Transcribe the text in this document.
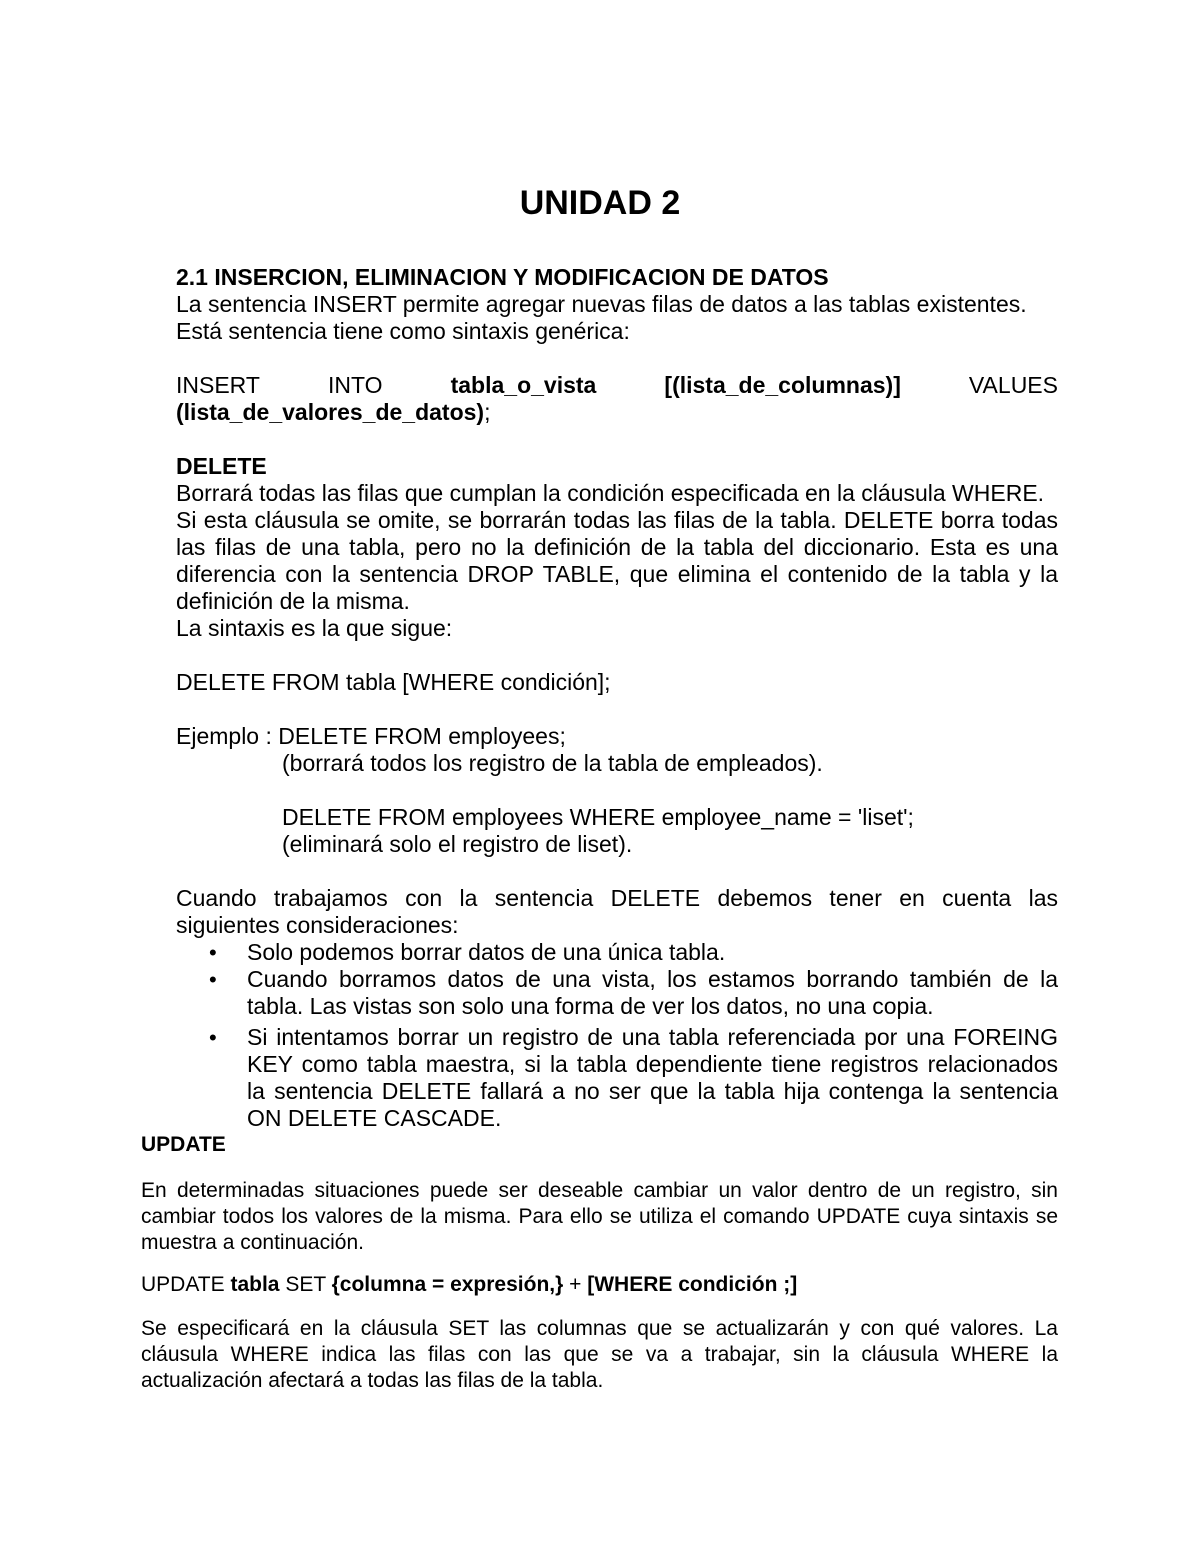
UNIDAD 2
2.1 INSERCION, ELIMINACION Y MODIFICACION DE DATOS
La sentencia INSERT permite agregar nuevas filas de datos a las tablas existentes.
Está sentencia tiene como sintaxis genérica:
INSERT	INTO	tabla_o_vista	[(lista_de_columnas)]	VALUES
(lista_de_valores_de_datos);
DELETE
Borrará todas las filas que cumplan la condición especificada en la cláusula WHERE.
Si esta cláusula se omite, se borrarán todas las filas de la tabla. DELETE borra todas
las filas de una tabla, pero no la definición de la tabla del diccionario. Esta es una
diferencia con la sentencia DROP TABLE, que elimina el contenido de la tabla y la
definición de la misma.
La sintaxis es la que sigue:
DELETE FROM tabla [WHERE condición];
Ejemplo : DELETE FROM employees;
(borrará todos los registro de la tabla de empleados).
DELETE FROM employees WHERE employee_name = 'liset';
(eliminará solo el registro de liset).
Cuando trabajamos con la sentencia DELETE debemos tener en cuenta las
siguientes consideraciones:
• Solo podemos borrar datos de una única tabla.
• Cuando borramos datos de una vista, los estamos borrando también de la
tabla. Las vistas son solo una forma de ver los datos, no una copia.
• Si intentamos borrar un registro de una tabla referenciada por una FOREING
KEY como tabla maestra, si la tabla dependiente tiene registros relacionados
la sentencia DELETE fallará a no ser que la tabla hija contenga la sentencia
ON DELETE CASCADE.
UPDATE
En determinadas situaciones puede ser deseable cambiar un valor dentro de un registro, sin
cambiar todos los valores de la misma. Para ello se utiliza el comando UPDATE cuya sintaxis se
muestra a continuación.
UPDATE tabla SET {columna = expresión,} + [WHERE condición ;]
Se especificará en la cláusula SET las columnas que se actualizarán y con qué valores. La
cláusula WHERE indica las filas con las que se va a trabajar, sin la cláusula WHERE la
actualización afectará a todas las filas de la tabla.
